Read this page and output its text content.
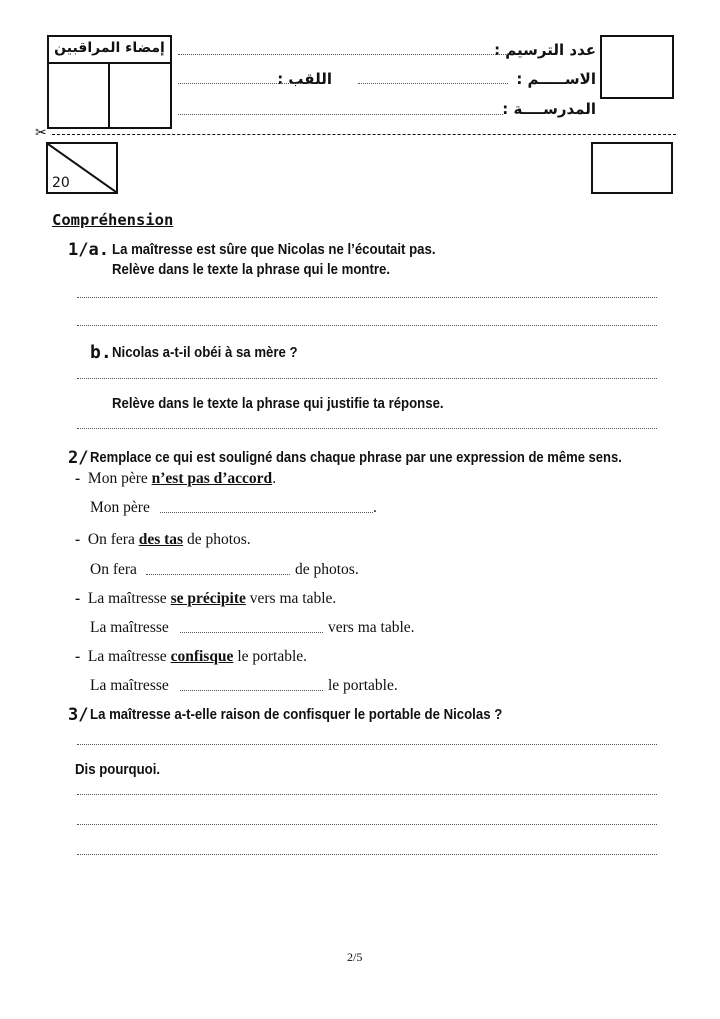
إمضاء المراقبين	عدد الترسيم :
الاســـــم :
اللقب :
المدرســــة :
✂
20
Compréhension
1/a. La maîtresse est sûre que Nicolas ne l’écoutait pas.
Relève dans le texte la phrase qui le montre.
b. Nicolas a-t-il obéi à sa mère ?
Relève dans le texte la phrase qui justifie ta réponse.
2/ Remplace ce qui est souligné dans chaque phrase par une expression de même sens.
- Mon père n’est pas d’accord.
Mon père	.
- On fera des tas de photos.
On fera	de photos.
- La maîtresse se précipite vers ma table.
La maîtresse	vers ma table.
- La maîtresse confisque le portable.
La maîtresse	le portable.
3/ La maîtresse a-t-elle raison de confisquer le portable de Nicolas ?
Dis pourquoi.
2/5
